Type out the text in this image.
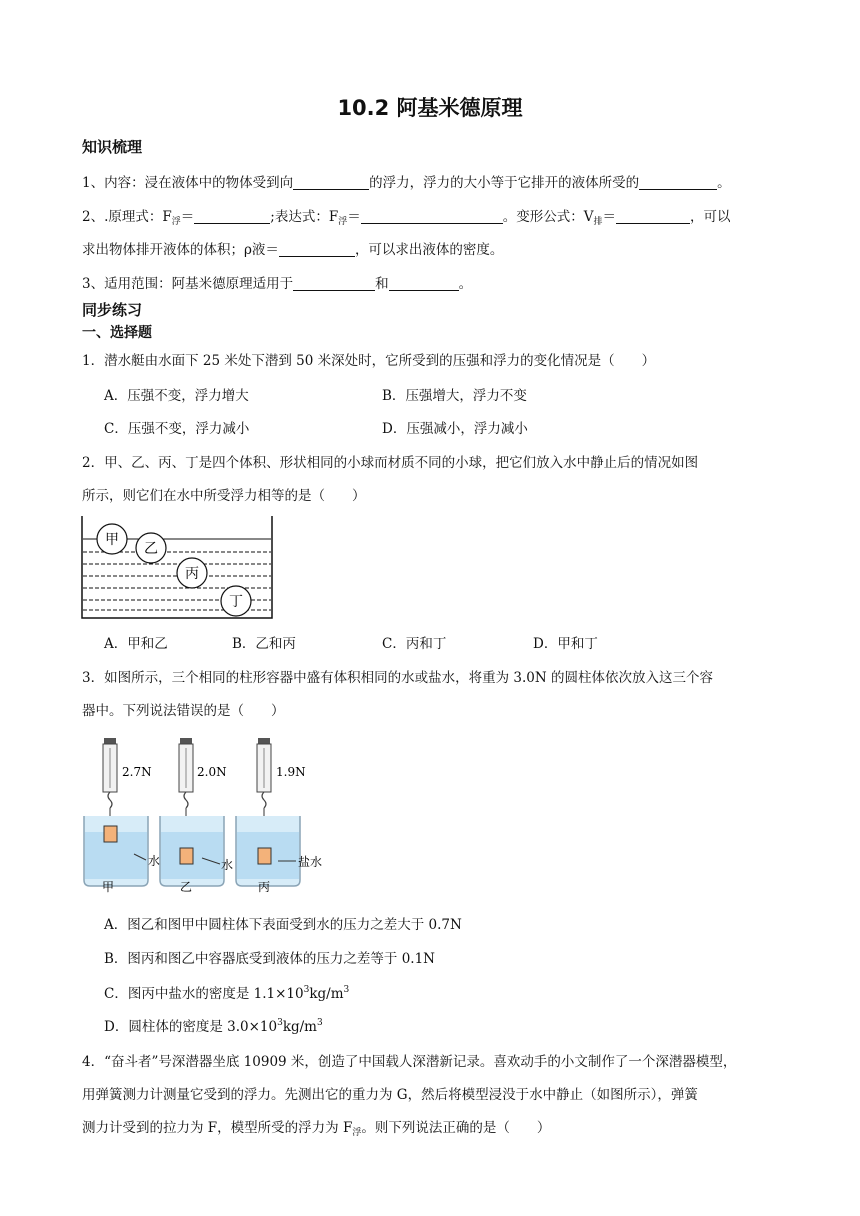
10.2 阿基米德原理
知识梳理
1、内容：浸在液体中的物体受到向	的浮力，浮力的大小等于它排开的液体所受的	。
2、.原理式：$F_浮=$	;表达式：$F_浮=$	。变形公式：$V_排=$	，可以
求出物体排开液体的体积；ρ液＝	，可以求出液体的密度。
3、适用范围：阿基米德原理适用于	和	。
同步练习
一、选择题
1．潜水艇由水面下 25 米处下潜到 50 米深处时，它所受到的压强和浮力的变化情况是（　　）
A．压强不变，浮力增大	B．压强增大，浮力不变
C．压强不变，浮力减小	D．压强减小，浮力减小
2．甲、乙、丙、丁是四个体积、形状相同的小球而材质不同的小球，把它们放入水中静止后的情况如图
所示，则它们在水中所受浮力相等的是（　　）
甲
乙
丙
丁
A．甲和乙	B．乙和丙	C．丙和丁	D．甲和丁
3．如图所示，三个相同的柱形容器中盛有体积相同的水或盐水，将重为 3.0N 的圆柱体依次放入这三个容
器中。下列说法错误的是（　　）
2.7N
水
甲
2.0N
水
乙
1.9N
盐水
丙
A．图乙和图甲中圆柱体下表面受到水的压力之差大于 0.7N
B．图丙和图乙中容器底受到液体的压力之差等于 0.1N
C．图丙中盐水的密度是 $1.1\times 10^3kg/m^3$
D．圆柱体的密度是 $3.0\times 10^3kg/m^3$
4．“奋斗者”号深潜器坐底 10909 米，创造了中国载人深潜新记录。喜欢动手的小文制作了一个深潜器模型，
用弹簧测力计测量它受到的浮力。先测出它的重力为 G，然后将模型浸没于水中静止（如图所示），弹簧
测力计受到的拉力为 F，模型所受的浮力为 $F_浮$。则下列说法正确的是（　　）
